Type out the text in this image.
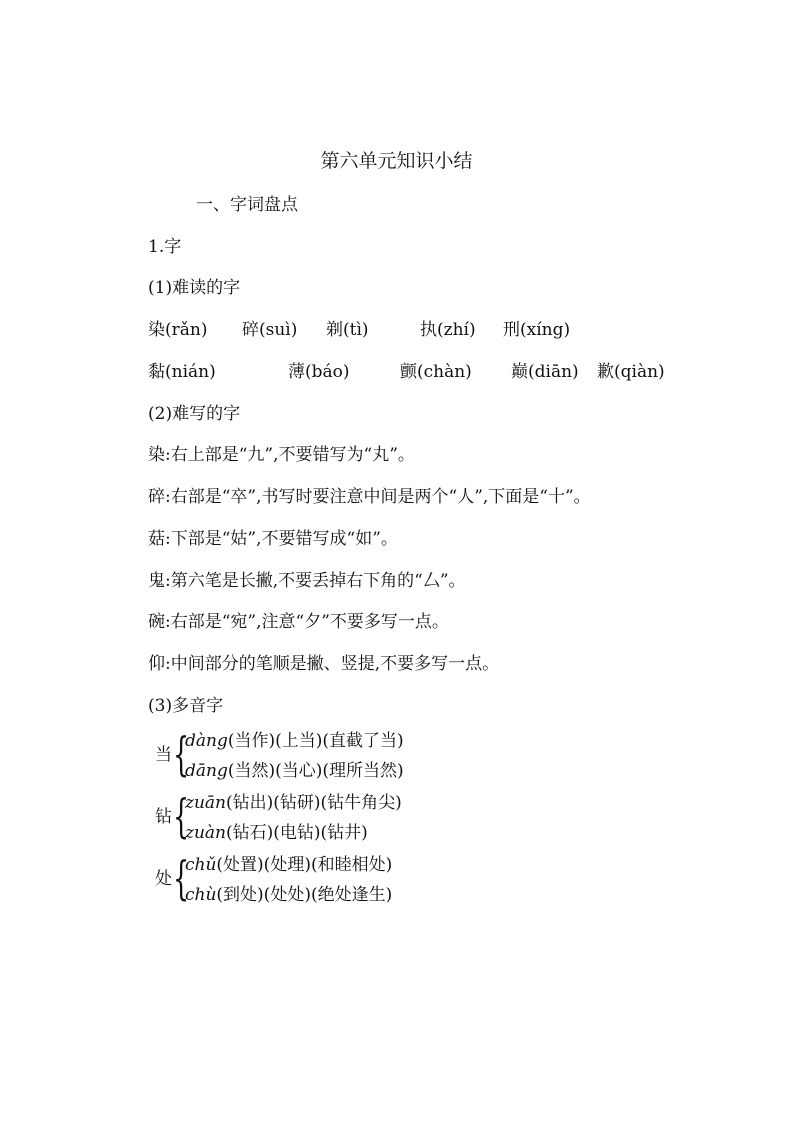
第六单元知识小结
一、字词盘点
1.字
(1)难读的字
染(rǎn) 碎(suì) 剃(tì)	执(zhí) 刑(xíng)
黏(nián)	薄(báo)	颤(chàn) 巅(diān) 歉(qiàn)
(2)难写的字
染:右上部是“九”,不要错写为“丸”。
碎:右部是“卒”,书写时要注意中间是两个“人”,下面是“十”。
菇:下部是“姑”,不要错写成“如”。
鬼:第六笔是长撇,不要丢掉右下角的“厶”。
碗:右部是“宛”,注意“夕”不要多写一点。
仰:中间部分的笔顺是撇、竖提,不要多写一点。
(3)多音字
当 {
dàng(当作)(上当)(直截了当)
dāng(当然)(当心)(理所当然)
钻 {
zuān(钻出)(钻研)(钻牛角尖)
zuàn(钻石)(电钻)(钻井)
处 {
chǔ(处置)(处理)(和睦相处)
chù(到处)(处处)(绝处逢生)
